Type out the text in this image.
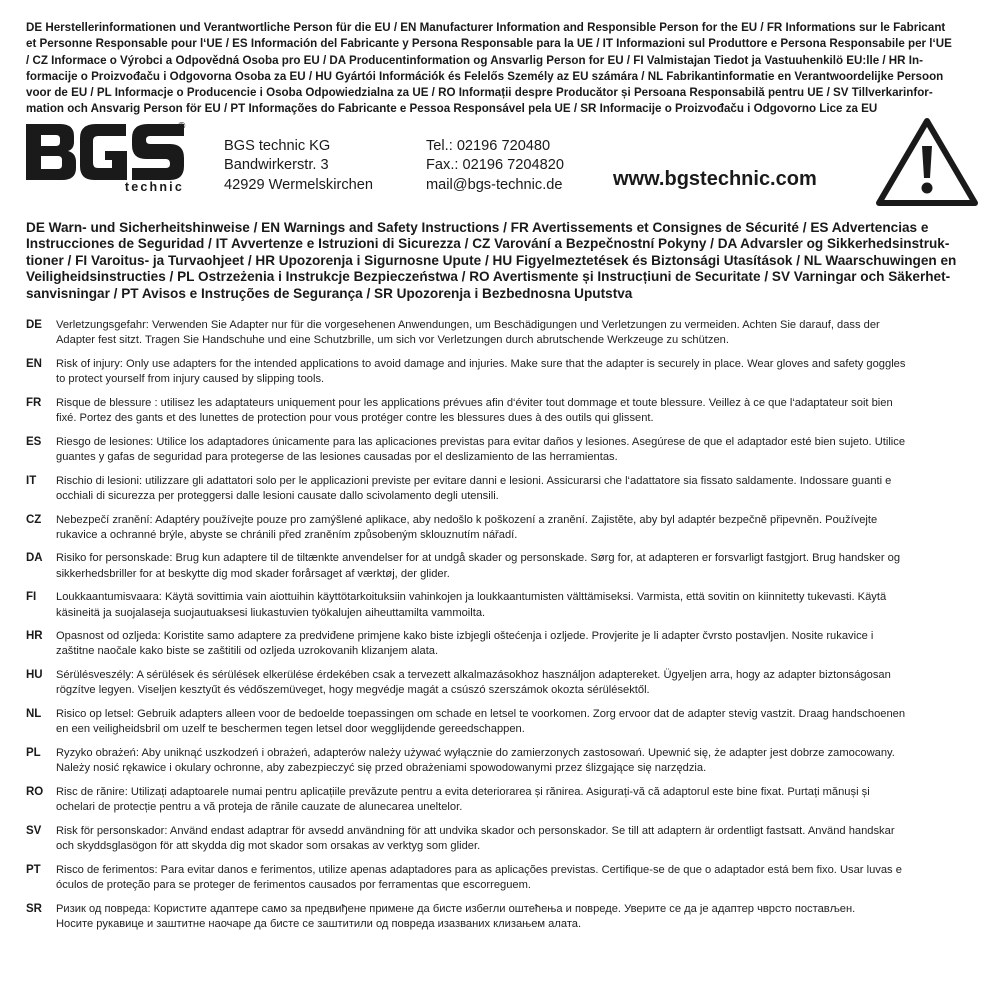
DE Herstellerinformationen und Verantwortliche Person für die EU / EN Manufacturer Information and Responsible Person for the EU / FR Informations sur le Fabricant
et Personne Responsable pour l‘UE / ES Información del Fabricante y Persona Responsable para la UE / IT Informazioni sul Produttore e Persona Responsabile per l‘UE
/ CZ Informace o Výrobci a Odpovědná Osoba pro EU / DA Producentinformation og Ansvarlig Person for EU / FI Valmistajan Tiedot ja Vastuuhenkilö EU:lle / HR In-
formacije o Proizvođaču i Odgovorna Osoba za EU / HU Gyártói Információk és Felelős Személy az EU számára / NL Fabrikantinformatie en Verantwoordelijke Persoon
voor de EU / PL Informacje o Producencie i Osoba Odpowiedzialna za UE / RO Informații despre Producător și Persoana Responsabilă pentru UE / SV Tillverkarinfor-
mation och Ansvarig Person för EU / PT Informações do Fabricante e Pessoa Responsável pela UE / SR Informacije o Proizvođaču i Odgovorno Lice za EU
technic
®
BGS technic KG
Bandwirkerstr. 3
42929 Wermelskirchen
Tel.: 02196 720480
Fax.: 02196 7204820
mail@bgs-technic.de	www.bgstechnic.com
DE Warn- und Sicherheitshinweise / EN Warnings and Safety Instructions / FR Avertissements et Consignes de Sécurité / ES Advertencias e
Instrucciones de Seguridad / IT Avvertenze e Istruzioni di Sicurezza / CZ Varování a Bezpečnostní Pokyny / DA Advarsler og Sikkerhedsinstruk-
tioner / FI Varoitus- ja Turvaohjeet / HR Upozorenja i Sigurnosne Upute / HU Figyelmeztetések és Biztonsági Utasítások / NL Waarschuwingen en
Veiligheidsinstructies / PL Ostrzeżenia i Instrukcje Bezpieczeństwa / RO Avertismente și Instrucțiuni de Securitate / SV Varningar och Säkerhet-
sanvisningar / PT Avisos e Instruções de Segurança / SR Upozorenja i Bezbednosna Uputstva
DE	Verletzungsgefahr: Verwenden Sie Adapter nur für die vorgesehenen Anwendungen, um Beschädigungen und Verletzungen zu vermeiden. Achten Sie darauf, dass der
Adapter fest sitzt. Tragen Sie Handschuhe und eine Schutzbrille, um sich vor Verletzungen durch abrutschende Werkzeuge zu schützen.
EN	Risk of injury: Only use adapters for the intended applications to avoid damage and injuries. Make sure that the adapter is securely in place. Wear gloves and safety goggles
to protect yourself from injury caused by slipping tools.
FR	Risque de blessure : utilisez les adaptateurs uniquement pour les applications prévues afin d‘éviter tout dommage et toute blessure. Veillez à ce que l‘adaptateur soit bien
fixé. Portez des gants et des lunettes de protection pour vous protéger contre les blessures dues à des outils qui glissent.
ES	Riesgo de lesiones: Utilice los adaptadores únicamente para las aplicaciones previstas para evitar daños y lesiones. Asegúrese de que el adaptador esté bien sujeto. Utilice
guantes y gafas de seguridad para protegerse de las lesiones causadas por el deslizamiento de las herramientas.
IT	Rischio di lesioni: utilizzare gli adattatori solo per le applicazioni previste per evitare danni e lesioni. Assicurarsi che l‘adattatore sia fissato saldamente. Indossare guanti e
occhiali di sicurezza per proteggersi dalle lesioni causate dallo scivolamento degli utensili.
CZ	Nebezpečí zranění: Adaptéry používejte pouze pro zamýšlené aplikace, aby nedošlo k poškození a zranění. Zajistěte, aby byl adaptér bezpečně připevněn. Používejte
rukavice a ochranné brýle, abyste se chránili před zraněním způsobeným sklouznutím nářadí.
DA	Risiko for personskade: Brug kun adaptere til de tiltænkte anvendelser for at undgå skader og personskade. Sørg for, at adapteren er forsvarligt fastgjort. Brug handsker og
sikkerhedsbriller for at beskytte dig mod skader forårsaget af værktøj, der glider.
FI	Loukkaantumisvaara: Käytä sovittimia vain aiottuihin käyttötarkoituksiin vahinkojen ja loukkaantumisten välttämiseksi. Varmista, että sovitin on kiinnitetty tukevasti. Käytä
käsineitä ja suojalaseja suojautuaksesi liukastuvien työkalujen aiheuttamilta vammoilta.
HR	Opasnost od ozljeda: Koristite samo adaptere za predviđene primjene kako biste izbjegli oštećenja i ozljede. Provjerite je li adapter čvrsto postavljen. Nosite rukavice i
zaštitne naočale kako biste se zaštitili od ozljeda uzrokovanih klizanjem alata.
HU	Sérülésveszély: A sérülések és sérülések elkerülése érdekében csak a tervezett alkalmazásokhoz használjon adaptereket. Ügyeljen arra, hogy az adapter biztonságosan
rögzítve legyen. Viseljen kesztyűt és védőszemüveget, hogy megvédje magát a csúszó szerszámok okozta sérülésektől.
NL	Risico op letsel: Gebruik adapters alleen voor de bedoelde toepassingen om schade en letsel te voorkomen. Zorg ervoor dat de adapter stevig vastzit. Draag handschoenen
en een veiligheidsbril om uzelf te beschermen tegen letsel door wegglijdende gereedschappen.
PL	Ryzyko obrażeń: Aby uniknąć uszkodzeń i obrażeń, adapterów należy używać wyłącznie do zamierzonych zastosowań. Upewnić się, że adapter jest dobrze zamocowany.
Należy nosić rękawice i okulary ochronne, aby zabezpieczyć się przed obrażeniami spowodowanymi przez ślizgające się narzędzia.
RO	Risc de rănire: Utilizați adaptoarele numai pentru aplicațiile prevăzute pentru a evita deteriorarea și rănirea. Asigurați-vă că adaptorul este bine fixat. Purtați mănuși și
ochelari de protecție pentru a vă proteja de rănile cauzate de alunecarea uneltelor.
SV	Risk för personskador: Använd endast adaptrar för avsedd användning för att undvika skador och personskador. Se till att adaptern är ordentligt fastsatt. Använd handskar
och skyddsglasögon för att skydda dig mot skador som orsakas av verktyg som glider.
PT	Risco de ferimentos: Para evitar danos e ferimentos, utilize apenas adaptadores para as aplicações previstas. Certifique-se de que o adaptador está bem fixo. Usar luvas e
óculos de proteção para se proteger de ferimentos causados por ferramentas que escorreguem.
SR	Ризик од повреда: Користите адаптере само за предвиђене примене да бисте избегли оштећења и повреде. Уверите се да је адаптер чврсто постављен.
Носите рукавице и заштитне наочаре да бисте се заштитили од повреда изазваних клизањем алата.
